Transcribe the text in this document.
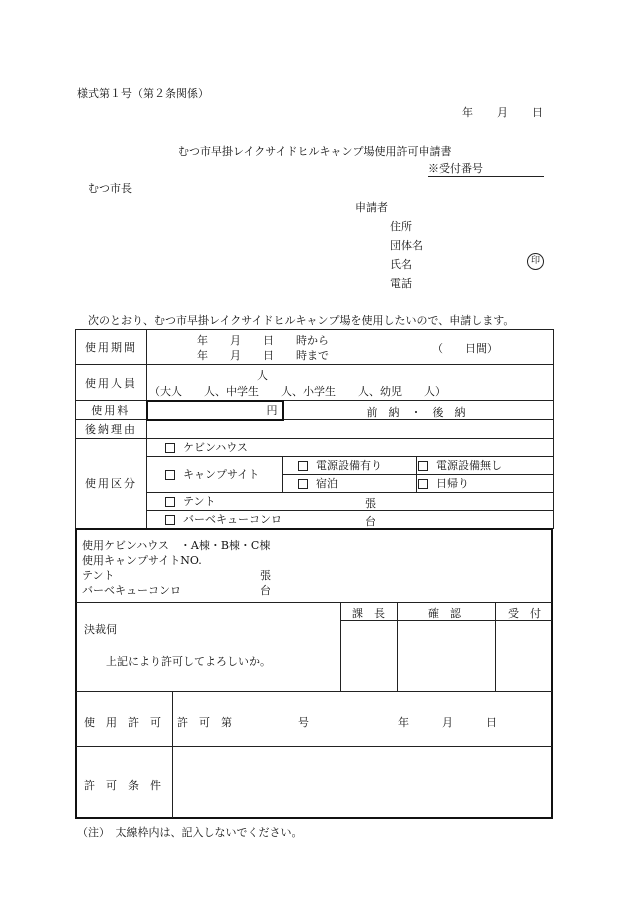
様式第１号（第２条関係）
年 月 日
むつ市早掛レイクサイドヒルキャンプ場使用許可申請書
※受付番号
むつ市長
申請者
住所
団体名
氏名	印
電話
次のとおり、むつ市早掛レイクサイドヒルキャンプ場を使用したいので、申請します。
使用期間	年　　月　　日　　時から
年　　月　　日　　時まで
（　　日間）		

使用人員	人
（大人　　人、中学生　　人、小学生　　人、幼児　　人）		

使用料	円	前　納　・　後　納	

後納理由			
使用区分	ケビンハウス		
	キャンプサイト	電源設備有り	電源設備無し
		宿泊	日帰り
	テント 張		

	バーベキューコンロ 台		
使用ケビンハウス　・A棟・B棟・C棟
使用キャンプサイトNO.
テント	張
バーベキューコンロ	台
課　長	確　認	受　付
決裁伺
上記により許可してよろしいか。
使　用　許　可 許　可　第　　　　　　号	年　　　月　　　日
許　可　条　件
（注）　太線枠内は、記入しないでください。
